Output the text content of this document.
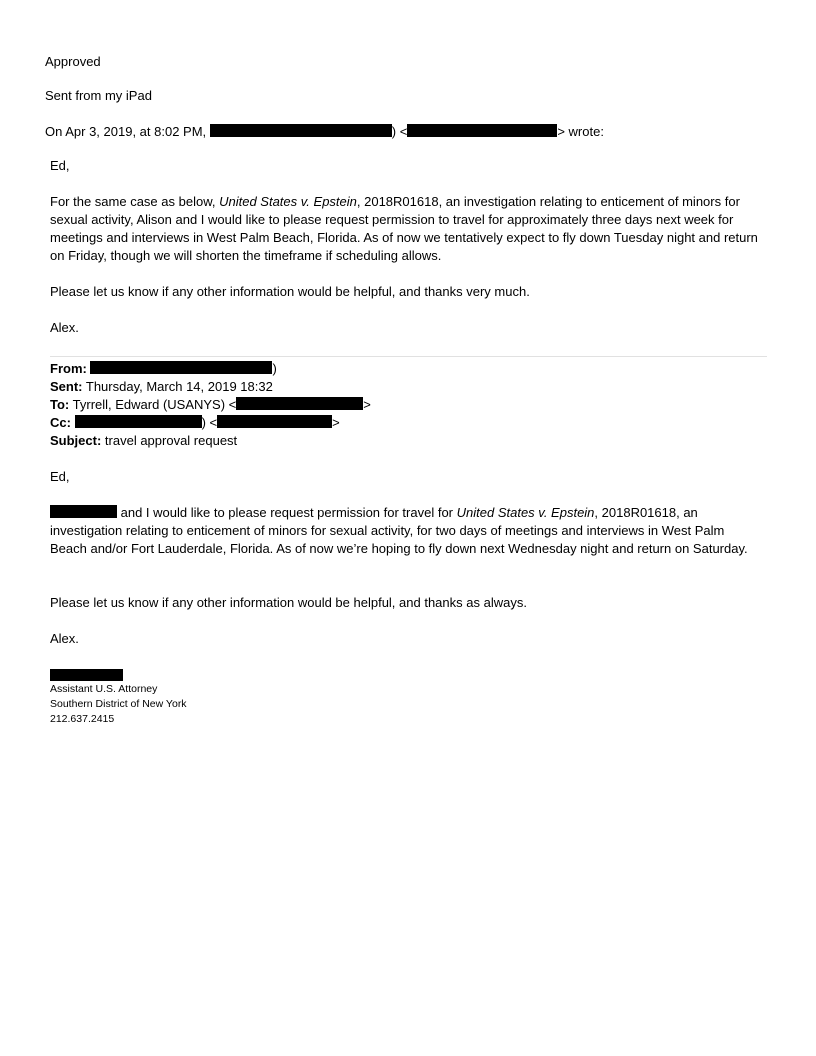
Approved
Sent from my iPad
On Apr 3, 2019, at 8:02 PM,	) <	> wrote:
Ed,
For the same case as below, United States v. Epstein, 2018R01618, an investigation relating to enticement of minors for sexual activity, Alison and I would like to please request permission to travel for approximately three days next week for meetings and interviews in West Palm Beach, Florida. As of now we tentatively expect to fly down Tuesday night and return on Friday, though we will shorten the timeframe if scheduling allows.
Please let us know if any other information would be helpful, and thanks very much.
Alex.
From:	)
Sent: Thursday, March 14, 2019 18:32
To: Tyrrell, Edward (USANYS) <	>
Cc:	) <	>
Subject: travel approval request
Ed,
and I would like to please request permission for travel for United States v. Epstein, 2018R01618, an investigation relating to enticement of minors for sexual activity, for two days of meetings and interviews in West Palm Beach and/or Fort Lauderdale, Florida. As of now we’re hoping to fly down next Wednesday night and return on Saturday.
Please let us know if any other information would be helpful, and thanks as always.
Alex.
Assistant U.S. Attorney
Southern District of New York
212.637.2415
